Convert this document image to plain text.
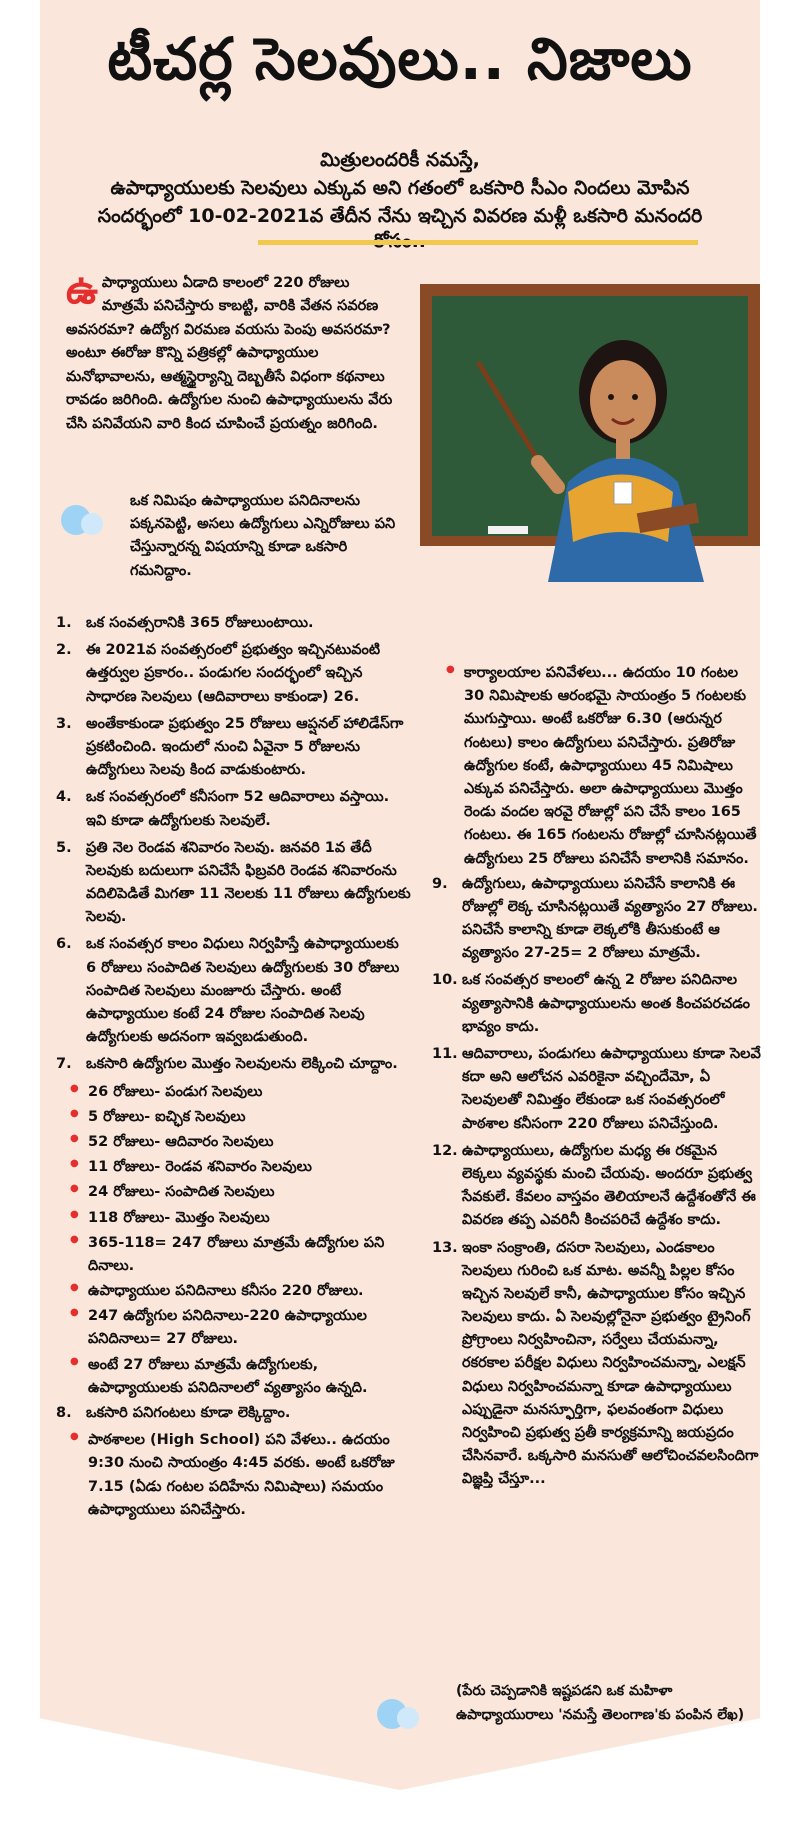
టీచర్ల సెలవులు.. నిజాలు
మిత్రులందరికీ నమస్తే,
ఉపాధ్యాయులకు సెలవులు ఎక్కువ అని గతంలో ఒకసారి సీఎం నిందలు మోపిన
సందర్భంలో 10-02-2021వ తేదీన నేను ఇచ్చిన వివరణ మళ్లీ ఒకసారి మనందరి
ఉపాధ్యాయులు ఏడాది కాలంలో 220 రోజులు మాత్రమే పనిచేస్తారు కాబట్టి, వారికి వేతన సవరణ అవసరమా? ఉద్యోగ విరమణ వయసు పెంపు అవసరమా? అంటూ ఈరోజు కొన్ని పత్రికల్లో ఉపాధ్యాయుల మనోభావాలను, ఆత్మస్థైర్యాన్ని దెబ్బతీసే విధంగా కథనాలు రావడం జరిగింది. ఉద్యోగుల నుంచి ఉపాధ్యాయులను వేరు చేసి పనివేయని వారి కింద చూపించే ప్రయత్నం జరిగింది.
ఒక నిమిషం ఉపాధ్యాయుల పనిదినాలను పక్కనపెట్టి, అసలు ఉద్యోగులు ఎన్నిరోజులు పని చేస్తున్నారన్న విషయాన్ని కూడా ఒకసారి గమనిద్దాం.
1. ఒక సంవత్సరానికి 365 రోజులుంటాయి.
2. ఈ 2021వ సంవత్సరంలో ప్రభుత్వం ఇచ్చినటువంటి ఉత్తర్వుల ప్రకారం.. పండుగల సందర్భంలో ఇచ్చిన సాధారణ సెలవులు (ఆదివారాలు కాకుండా) 26.
3. అంతేకాకుండా ప్రభుత్వం 25 రోజులు ఆప్షనల్ హాలిడేస్‌గా ప్రకటించింది. ఇందులో నుంచి ఏవైనా 5 రోజులను ఉద్యోగులు సెలవు కింద వాడుకుంటారు.
4. ఒక సంవత్సరంలో కనీసంగా 52 ఆదివారాలు వస్తాయి. ఇవి కూడా ఉద్యోగులకు సెలవులే.
5. ప్రతి నెల రెండవ శనివారం సెలవు. జనవరి 1వ తేదీ సెలవుకు బదులుగా పనిచేసే ఫిబ్రవరి రెండవ శనివారంను వదిలిపెడితే మిగతా 11 నెలలకు 11 రోజులు ఉద్యోగులకు సెలవు.
6. ఒక సంవత్సర కాలం విధులు నిర్వహిస్తే ఉపాధ్యాయులకు 6 రోజులు సంపాదిత సెలవులు ఉద్యోగులకు 30 రోజులు సంపాదిత సెలవులు మంజూరు చేస్తారు. అంటే ఉపాధ్యాయుల కంటే 24 రోజుల సంపాదిత సెలవు ఉద్యోగులకు అదనంగా ఇవ్వబడుతుంది.
7. ఒకసారి ఉద్యోగుల మొత్తం సెలవులను లెక్కించి చూద్దాం.
● 26 రోజులు- పండుగ సెలవులు
● 5 రోజులు- ఐచ్ఛిక సెలవులు
● 52 రోజులు- ఆదివారం సెలవులు
● 11 రోజులు- రెండవ శనివారం సెలవులు
● 24 రోజులు- సంపాదిత సెలవులు
● 118 రోజులు- మొత్తం సెలవులు
● 365-118= 247 రోజులు మాత్రమే ఉద్యోగుల పని దినాలు.
● ఉపాధ్యాయుల పనిదినాలు కనీసం 220 రోజులు.
● 247 ఉద్యోగుల పనిదినాలు-220 ఉపాధ్యాయుల పనిదినాలు= 27 రోజులు.
● అంటే 27 రోజులు మాత్రమే ఉద్యోగులకు, ఉపాధ్యాయులకు పనిదినాలలో వ్యత్యాసం ఉన్నది.
8. ఒకసారి పనిగంటలు కూడా లెక్కిద్దాం.
● పాఠశాలల (High School) పని వేళలు.. ఉదయం 9:30 నుంచి సాయంత్రం 4:45 వరకు. అంటే ఒకరోజు 7.15 (ఏడు గంటల పదిహేను నిమిషాలు) సమయం ఉపాధ్యాయులు పనిచేస్తారు.
● కార్యాలయాల పనివేళలు... ఉదయం 10 గంటల 30 నిమిషాలకు ఆరంభమై సాయంత్రం 5 గంటలకు ముగుస్తాయి. అంటే ఒకరోజు 6.30 (ఆరున్నర గంటలు) కాలం ఉద్యోగులు పనిచేస్తారు. ప్రతిరోజు ఉద్యోగుల కంటే, ఉపాధ్యాయులు 45 నిమిషాలు ఎక్కువ పనిచేస్తారు. అలా ఉపాధ్యాయులు మొత్తం రెండు వందల ఇరవై రోజుల్లో పని చేసే కాలం 165 గంటలు. ఈ 165 గంటలను రోజుల్లో చూసినట్లయితే ఉద్యోగులు 25 రోజులు పనిచేసే కాలానికి సమానం.
9. ఉద్యోగులు, ఉపాధ్యాయులు పనిచేసే కాలానికి ఈ రోజుల్లో లెక్క చూసినట్లయితే వ్యత్యాసం 27 రోజులు. పనిచేసే కాలాన్ని కూడా లెక్కలోకి తీసుకుంటే ఆ వ్యత్యాసం 27-25= 2 రోజులు మాత్రమే.
10. ఒక సంవత్సర కాలంలో ఉన్న 2 రోజుల పనిదినాల వ్యత్యాసానికి ఉపాధ్యాయులను అంత కించపరచడం భావ్యం కాదు.
11. ఆదివారాలు, పండుగలు ఉపాధ్యాయులు కూడా సెలవే కదా అని ఆలోచన ఎవరికైనా వచ్చిందేమో, ఏ సెలవులతో నిమిత్తం లేకుండా ఒక సంవత్సరంలో పాఠశాల కనీసంగా 220 రోజులు పనిచేస్తుంది.
12. ఉపాధ్యాయులు, ఉద్యోగుల మధ్య ఈ రకమైన లెక్కలు వ్యవస్థకు మంచి చేయవు. అందరూ ప్రభుత్వ సేవకులే. కేవలం వాస్తవం తెలియాలనే ఉద్దేశంతోనే ఈ వివరణ తప్ప ఎవరినీ కించపరిచే ఉద్దేశం కాదు.
13. ఇంకా సంక్రాంతి, దసరా సెలవులు, ఎండకాలం సెలవులు గురించి ఒక మాట. అవన్నీ పిల్లల కోసం ఇచ్చిన సెలవులే కానీ, ఉపాధ్యాయుల కోసం ఇచ్చిన సెలవులు కాదు. ఏ సెలవుల్లోనైనా ప్రభుత్వం ట్రైనింగ్ ప్రోగ్రాంలు నిర్వహించినా, సర్వేలు చేయమన్నా, రకరకాల పరీక్షల విధులు నిర్వహించమన్నా, ఎలక్షన్ విధులు నిర్వహించమన్నా కూడా ఉపాధ్యాయులు ఎప్పుడైనా మనస్ఫూర్తిగా, ఫలవంతంగా విధులు నిర్వహించి ప్రభుత్వ ప్రతీ కార్యక్రమాన్ని జయప్రదం చేసినవారే. ఒక్కసారి మనసుతో ఆలోచించవలసిందిగా విజ్ఞప్తి చేస్తూ...
(పేరు చెప్పడానికి ఇష్టపడని ఒక మహిళా ఉపాధ్యాయురాలు 'నమస్తే తెలంగాణ'కు పంపిన లేఖ)
